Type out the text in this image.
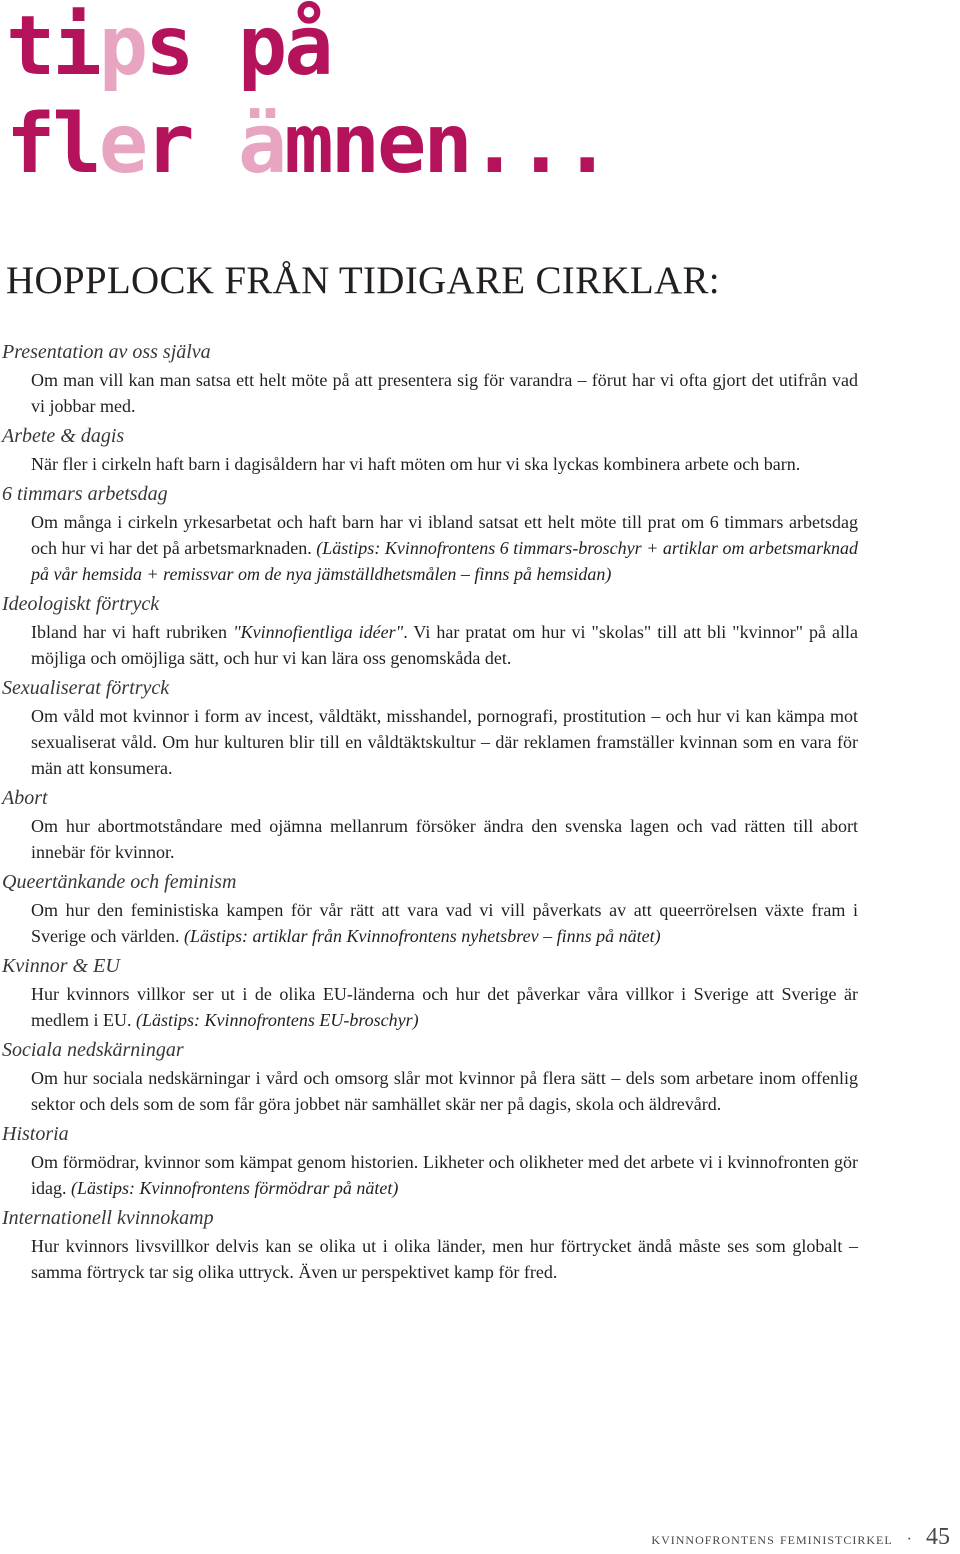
tips på
fler ämnen...
HOPPLOCK FRÅN TIDIGARE CIRKLAR:
Presentation av oss själva
Om man vill kan man satsa ett helt möte på att presentera sig för varandra – förut har vi ofta gjort det utifrån vad vi jobbar med.
Arbete & dagis
När fler i cirkeln haft barn i dagisåldern har vi haft möten om hur vi ska lyckas kombinera arbete och barn.
6 timmars arbetsdag
Om många i cirkeln yrkesarbetat och haft barn har vi ibland satsat ett helt möte till prat om 6 timmars arbetsdag och hur vi har det på arbetsmarknaden. (Lästips: Kvinnofrontens 6 timmars-broschyr + artiklar om arbetsmarknad på vår hemsida + remissvar om de nya jämställdhetsmålen – finns på hemsidan)
Ideologiskt förtryck
Ibland har vi haft rubriken "Kvinnofientliga idéer". Vi har pratat om hur vi "skolas" till att bli "kvinnor" på alla möjliga och omöjliga sätt, och hur vi kan lära oss genomskåda det.
Sexualiserat förtryck
Om våld mot kvinnor i form av incest, våldtäkt, misshandel, pornografi, prostitution – och hur vi kan kämpa mot sexualiserat våld. Om hur kulturen blir till en våldtäktskultur – där reklamen framställer kvinnan som en vara för män att konsumera.
Abort
Om hur abortmotståndare med ojämna mellanrum försöker ändra den svenska lagen och vad rätten till abort innebär för kvinnor.
Queertänkande och feminism
Om hur den feministiska kampen för vår rätt att vara vad vi vill påverkats av att queerrörelsen växte fram i Sverige och världen. (Lästips: artiklar från Kvinnofrontens nyhetsbrev – finns på nätet)
Kvinnor & EU
Hur kvinnors villkor ser ut i de olika EU-länderna och hur det påverkar våra villkor i Sverige att Sverige är medlem i EU. (Lästips: Kvinnofrontens EU-broschyr)
Sociala nedskärningar
Om hur sociala nedskärningar i vård och omsorg slår mot kvinnor på flera sätt – dels som arbetare inom offenlig sektor och dels som de som får göra jobbet när samhället skär ner på dagis, skola och äldrevård.
Historia
Om förmödrar, kvinnor som kämpat genom historien. Likheter och olikheter med det arbete vi i kvinnofronten gör idag. (Lästips: Kvinnofrontens förmödrar på nätet)
Internationell kvinnokamp
Hur kvinnors livsvillkor delvis kan se olika ut i olika länder, men hur förtrycket ändå måste ses som globalt – samma förtryck tar sig olika uttryck. Även ur perspektivet kamp för fred.
kvinnofrontens feministcirkel · 45
